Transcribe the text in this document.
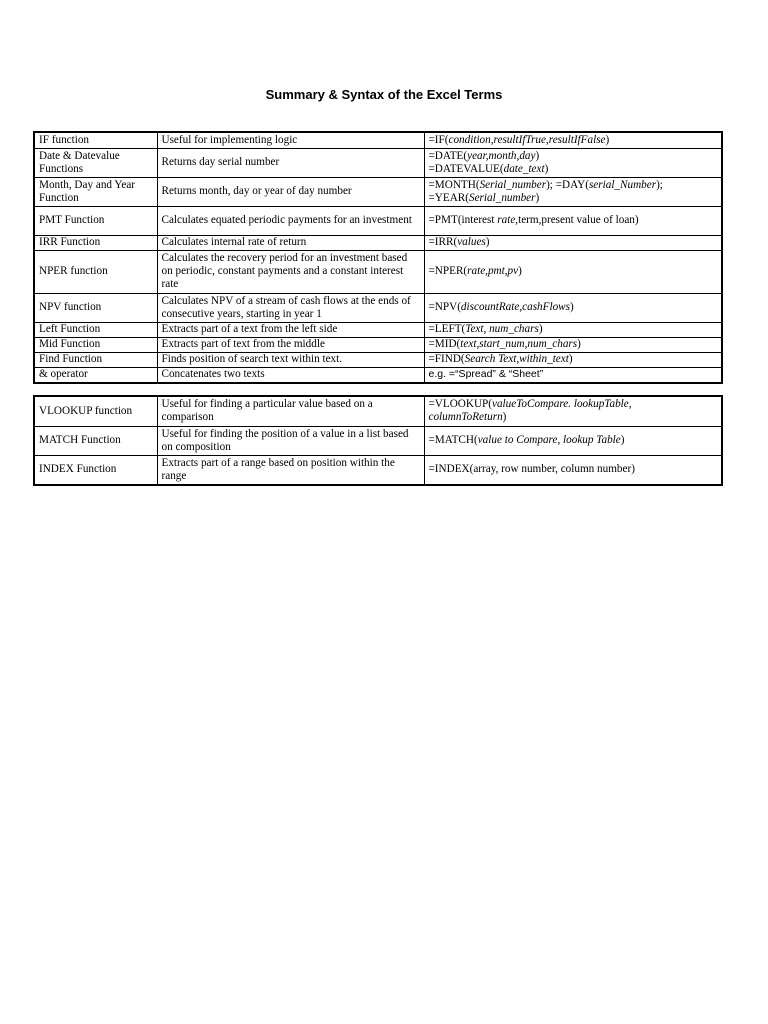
Summary & Syntax of the Excel Terms
IF function	Useful for implementing logic	=IF(condition,resultIfTrue,resultIfFalse)

Date & Datevalue Functions	Returns day serial number	=DATE(year,month,day)
=DATEVALUE(date_text)

Month, Day and Year Function	Returns month, day or year of day number	=MONTH(Serial_number); =DAY(serial_Number);
=YEAR(Serial_number)

PMT Function	Calculates equated periodic payments for an investment	=PMT(interest rate,term,present value of loan)

IRR Function	Calculates internal rate of return	=IRR(values)

NPER function	Calculates the recovery period for an investment based on periodic, constant payments and a constant interest rate	=NPER(rate,pmt,pv)

NPV function	Calculates NPV of a stream of cash flows at the ends of consecutive years, starting in year 1	=NPV(discountRate,cashFlows)

Left Function	Extracts part of a text from the left side	=LEFT(Text, num_chars)

Mid Function	Extracts part of text from the middle	=MID(text,start_num,num_chars)

Find Function	Finds position of search text within text.	=FIND(Search Text,within_text)

& operator	Concatenates two texts	e.g. =“Spread” & “Sheet”
VLOOKUP function	Useful for finding a particular value based on a comparison	=VLOOKUP(valueToCompare. lookupTable,
columnToReturn)

MATCH Function	Useful for finding the position of a value in a list based on composition	=MATCH(value to Compare, lookup Table)

INDEX Function	Extracts part of a range based on position within the range	=INDEX(array, row number, column number)
